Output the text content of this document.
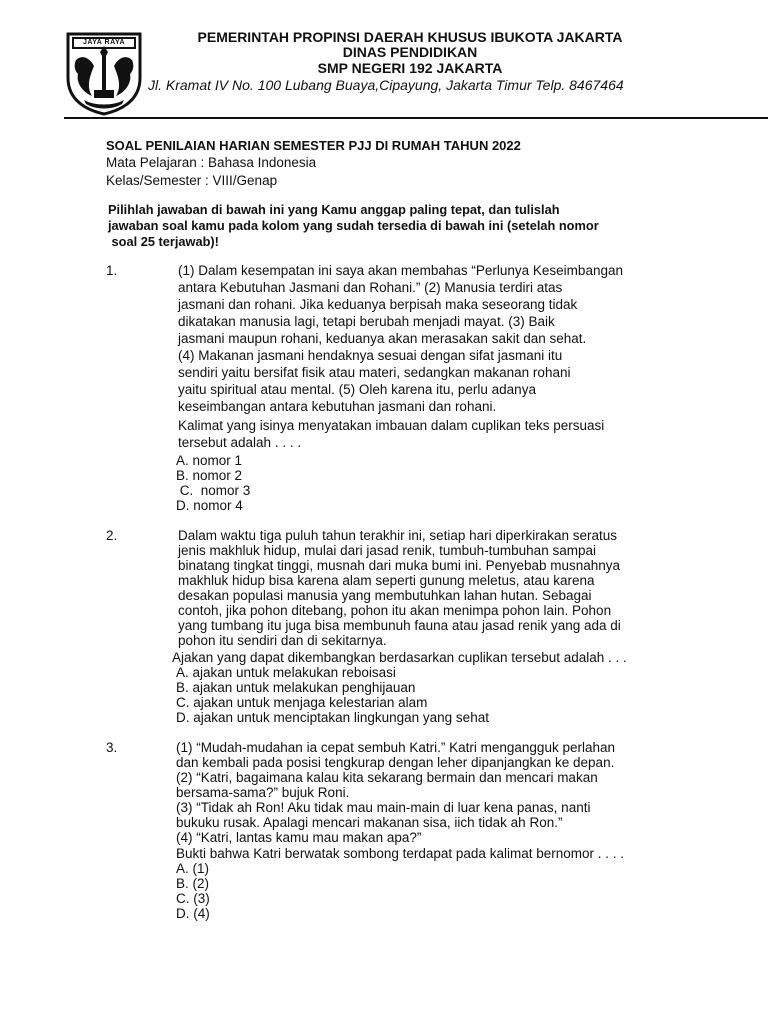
JAYA RAYA	PEMERINTAH PROPINSI DAERAH KHUSUS IBUKOTA JAKARTA
DINAS PENDIDIKAN
SMP NEGERI 192 JAKARTA
Jl. Kramat IV No. 100 Lubang Buaya,Cipayung, Jakarta Timur Telp. 8467464
SOAL PENILAIAN HARIAN SEMESTER PJJ DI RUMAH TAHUN 2022
Mata Pelajaran : Bahasa Indonesia
Kelas/Semester : VIII/Genap
Pilihlah jawaban di bawah ini yang Kamu anggap paling tepat, dan tulislah
jawaban soal kamu pada kolom yang sudah tersedia di bawah ini (setelah nomor
soal 25 terjawab)!
1.	(1) Dalam kesempatan ini saya akan membahas “Perlunya Keseimbangan
antara Kebutuhan Jasmani dan Rohani.” (2) Manusia terdiri atas
jasmani dan rohani. Jika keduanya berpisah maka seseorang tidak
dikatakan manusia lagi, tetapi berubah menjadi mayat. (3) Baik
jasmani maupun rohani, keduanya akan merasakan sakit dan sehat.
(4) Makanan jasmani hendaknya sesuai dengan sifat jasmani itu
sendiri yaitu bersifat fisik atau materi, sedangkan makanan rohani
yaitu spiritual atau mental. (5) Oleh karena itu, perlu adanya
keseimbangan antara kebutuhan jasmani dan rohani.
Kalimat yang isinya menyatakan imbauan dalam cuplikan teks persuasi
tersebut adalah . . . .
A. nomor 1
B. nomor 2
C.  nomor 3
D. nomor 4
2.	Dalam waktu tiga puluh tahun terakhir ini, setiap hari diperkirakan seratus
jenis makhluk hidup, mulai dari jasad renik, tumbuh-tumbuhan sampai
binatang tingkat tinggi, musnah dari muka bumi ini. Penyebab musnahnya
makhluk hidup bisa karena alam seperti gunung meletus, atau karena
desakan populasi manusia yang membutuhkan lahan hutan. Sebagai
contoh, jika pohon ditebang, pohon itu akan menimpa pohon lain. Pohon
yang tumbang itu juga bisa membunuh fauna atau jasad renik yang ada di
pohon itu sendiri dan di sekitarnya.
Ajakan yang dapat dikembangkan berdasarkan cuplikan tersebut adalah . . .
A. ajakan untuk melakukan reboisasi
B. ajakan untuk melakukan penghijauan
C. ajakan untuk menjaga kelestarian alam
D. ajakan untuk menciptakan lingkungan yang sehat
3.	(1) “Mudah-mudahan ia cepat sembuh Katri.” Katri mengangguk perlahan
dan kembali pada posisi tengkurap dengan leher dipanjangkan ke depan.
(2) “Katri, bagaimana kalau kita sekarang bermain dan mencari makan
bersama-sama?” bujuk Roni.
(3) “Tidak ah Ron! Aku tidak mau main-main di luar kena panas, nanti
bukuku rusak. Apalagi mencari makanan sisa, iich tidak ah Ron.”
(4) “Katri, lantas kamu mau makan apa?”
Bukti bahwa Katri berwatak sombong terdapat pada kalimat bernomor . . . .
A. (1)
B. (2)
C. (3)
D. (4)
